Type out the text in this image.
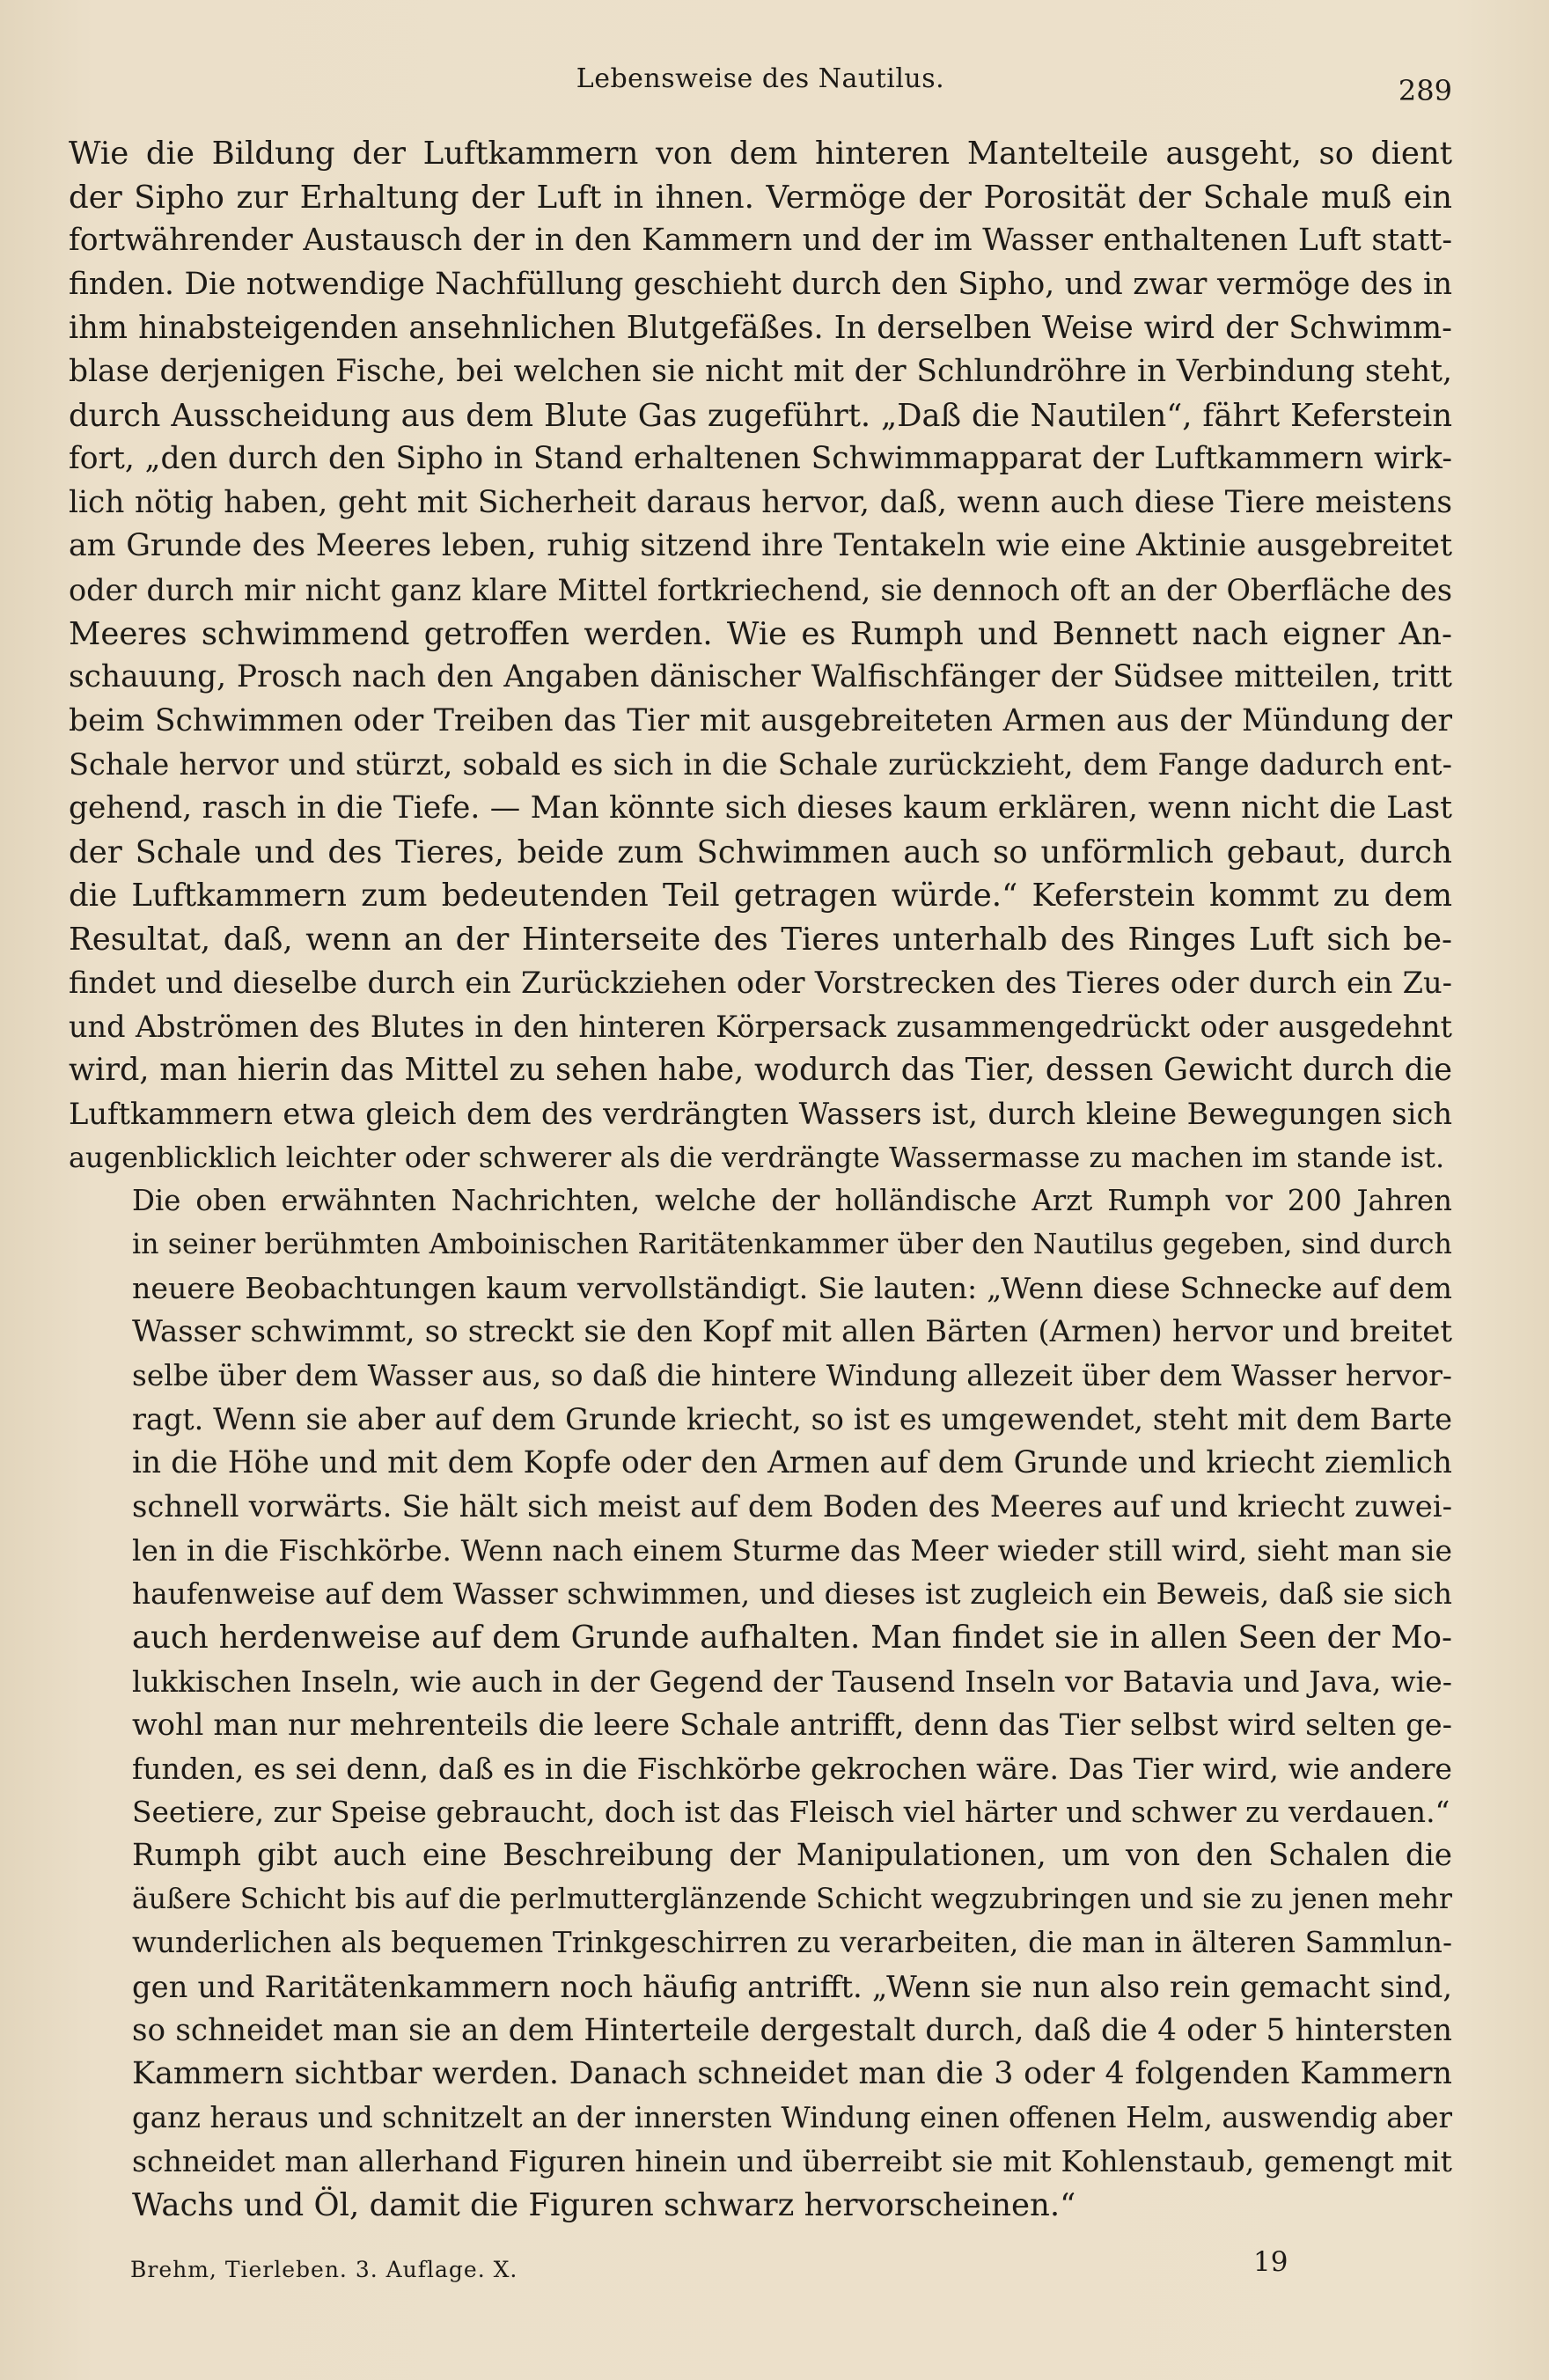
Lebensweise des Nautilus.	289

Wie die Bildung der Luftkammern von dem hinteren Mantelteile ausgeht, so dient
der Sipho zur Erhaltung der Luft in ihnen. Vermöge der Porosität der Schale muß ein
fortwährender Austausch der in den Kammern und der im Wasser enthaltenen Luft statt-
finden. Die notwendige Nachfüllung geschieht durch den Sipho, und zwar vermöge des in
ihm hinabsteigenden ansehnlichen Blutgefäßes. In derselben Weise wird der Schwimm-
blase derjenigen Fische, bei welchen sie nicht mit der Schlundröhre in Verbindung steht,
durch Ausscheidung aus dem Blute Gas zugeführt. „Daß die Nautilen“, fährt Keferstein
fort, „den durch den Sipho in Stand erhaltenen Schwimmapparat der Luftkammern wirk-
lich nötig haben, geht mit Sicherheit daraus hervor, daß, wenn auch diese Tiere meistens
am Grunde des Meeres leben, ruhig sitzend ihre Tentakeln wie eine Aktinie ausgebreitet
oder durch mir nicht ganz klare Mittel fortkriechend, sie dennoch oft an der Oberfläche des
Meeres schwimmend getroffen werden. Wie es Rumph und Bennett nach eigner An-
schauung, Prosch nach den Angaben dänischer Walfischfänger der Südsee mitteilen, tritt
beim Schwimmen oder Treiben das Tier mit ausgebreiteten Armen aus der Mündung der
Schale hervor und stürzt, sobald es sich in die Schale zurückzieht, dem Fange dadurch ent-
gehend, rasch in die Tiefe. — Man könnte sich dieses kaum erklären, wenn nicht die Last
der Schale und des Tieres, beide zum Schwimmen auch so unförmlich gebaut, durch
die Luftkammern zum bedeutenden Teil getragen würde.“ Keferstein kommt zu dem
Resultat, daß, wenn an der Hinterseite des Tieres unterhalb des Ringes Luft sich be-
findet und dieselbe durch ein Zurückziehen oder Vorstrecken des Tieres oder durch ein Zu-
und Abströmen des Blutes in den hinteren Körpersack zusammengedrückt oder ausgedehnt
wird, man hierin das Mittel zu sehen habe, wodurch das Tier, dessen Gewicht durch die
Luftkammern etwa gleich dem des verdrängten Wassers ist, durch kleine Bewegungen sich
augenblicklich leichter oder schwerer als die verdrängte Wassermasse zu machen im stande ist.

Die oben erwähnten Nachrichten, welche der holländische Arzt Rumph vor 200 Jahren
in seiner berühmten Amboinischen Raritätenkammer über den Nautilus gegeben, sind durch
neuere Beobachtungen kaum vervollständigt. Sie lauten: „Wenn diese Schnecke auf dem
Wasser schwimmt, so streckt sie den Kopf mit allen Bärten (Armen) hervor und breitet
selbe über dem Wasser aus, so daß die hintere Windung allezeit über dem Wasser hervor-
ragt. Wenn sie aber auf dem Grunde kriecht, so ist es umgewendet, steht mit dem Barte
in die Höhe und mit dem Kopfe oder den Armen auf dem Grunde und kriecht ziemlich
schnell vorwärts. Sie hält sich meist auf dem Boden des Meeres auf und kriecht zuwei-
len in die Fischkörbe. Wenn nach einem Sturme das Meer wieder still wird, sieht man sie
haufenweise auf dem Wasser schwimmen, und dieses ist zugleich ein Beweis, daß sie sich
auch herdenweise auf dem Grunde aufhalten. Man findet sie in allen Seen der Mo-
lukkischen Inseln, wie auch in der Gegend der Tausend Inseln vor Batavia und Java, wie-
wohl man nur mehrenteils die leere Schale antrifft, denn das Tier selbst wird selten ge-
funden, es sei denn, daß es in die Fischkörbe gekrochen wäre. Das Tier wird, wie andere
Seetiere, zur Speise gebraucht, doch ist das Fleisch viel härter und schwer zu verdauen.“

Rumph gibt auch eine Beschreibung der Manipulationen, um von den Schalen die
äußere Schicht bis auf die perlmutterglänzende Schicht wegzubringen und sie zu jenen mehr
wunderlichen als bequemen Trinkgeschirren zu verarbeiten, die man in älteren Sammlun-
gen und Raritätenkammern noch häufig antrifft. „Wenn sie nun also rein gemacht sind,
so schneidet man sie an dem Hinterteile dergestalt durch, daß die 4 oder 5 hintersten
Kammern sichtbar werden. Danach schneidet man die 3 oder 4 folgenden Kammern
ganz heraus und schnitzelt an der innersten Windung einen offenen Helm, auswendig aber
schneidet man allerhand Figuren hinein und überreibt sie mit Kohlenstaub, gemengt mit
Wachs und Öl, damit die Figuren schwarz hervorscheinen.“

Brehm, Tierleben. 3. Auflage. X.	19
